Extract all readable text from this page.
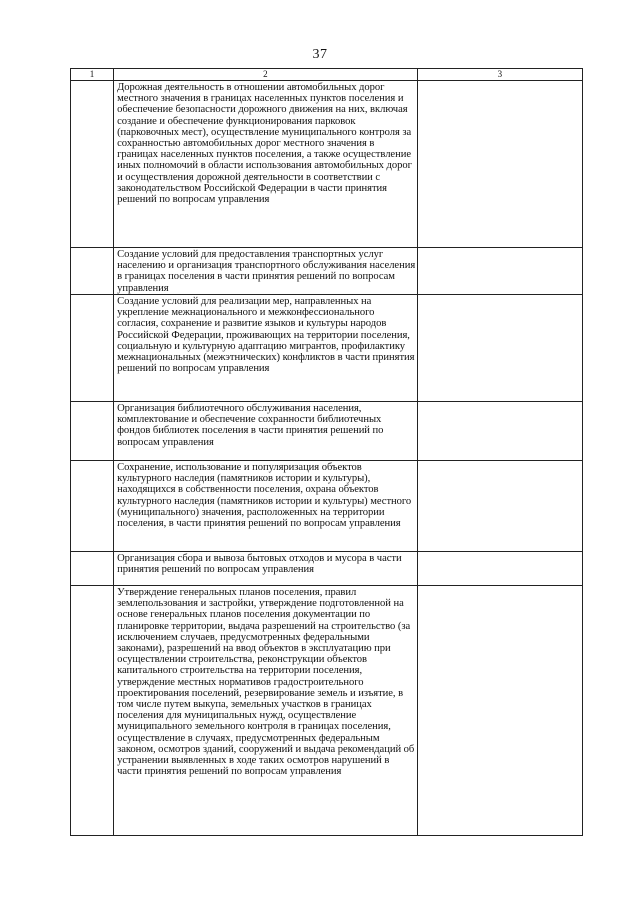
37
1	2	3
	Дорожная деятельность в отношении автомобильных дорог местного значения в границах населенных пунктов поселения и обеспечение безопасности дорожного движения на них, включая создание и обеспечение функционирования парковок (парковочных мест), осуществление муниципального контроля за сохранностью автомобильных дорог местного значения в границах населенных пунктов поселения, а также осуществление иных полномочий в области использования автомобильных дорог и осуществления дорожной деятельности в соответствии с законодательством Российской Федерации в части принятия решений по вопросам управления	
	Создание условий для предоставления транспортных услуг населению и организация транспортного обслуживания населения в границах поселения в части принятия решений по вопросам управления	
	Создание условий для реализации мер, направленных на укрепление межнационального и межконфессионального согласия, сохранение и развитие языков и культуры народов Российской Федерации, проживающих на территории поселения, социальную и культурную адаптацию мигрантов, профилактику межнациональных (межэтнических) конфликтов в части принятия решений по вопросам управления	
	Организация библиотечного обслуживания населения, комплектование и обеспечение сохранности библиотечных фондов библиотек поселения в части принятия решений по вопросам управления	
	Сохранение, использование и популяризация объектов культурного наследия (памятников истории и культуры), находящихся в собственности поселения, охрана объектов культурного наследия (памятников истории и культуры) местного (муниципального) значения, расположенных на территории поселения, в части принятия решений по вопросам управления	
	Организация сбора и вывоза бытовых отходов и мусора в части принятия решений по вопросам управления	
	Утверждение генеральных планов поселения, правил землепользования и застройки, утверждение подготовленной на основе генеральных планов поселения документации по планировке территории, выдача разрешений на строительство (за исключением случаев, предусмотренных федеральными законами), разрешений на ввод объектов в эксплуатацию при осуществлении строительства, реконструкции объектов капитального строительства на территории поселения, утверждение местных нормативов градостроительного проектирования поселений, резервирование земель и изъятие, в том числе путем выкупа, земельных участков в границах поселения для муниципальных нужд, осуществление муниципального земельного контроля в границах поселения, осуществление в случаях, предусмотренных федеральным законом, осмотров зданий, сооружений и выдача рекомендаций об устранении выявленных в ходе таких осмотров нарушений в части принятия решений по вопросам управления	
